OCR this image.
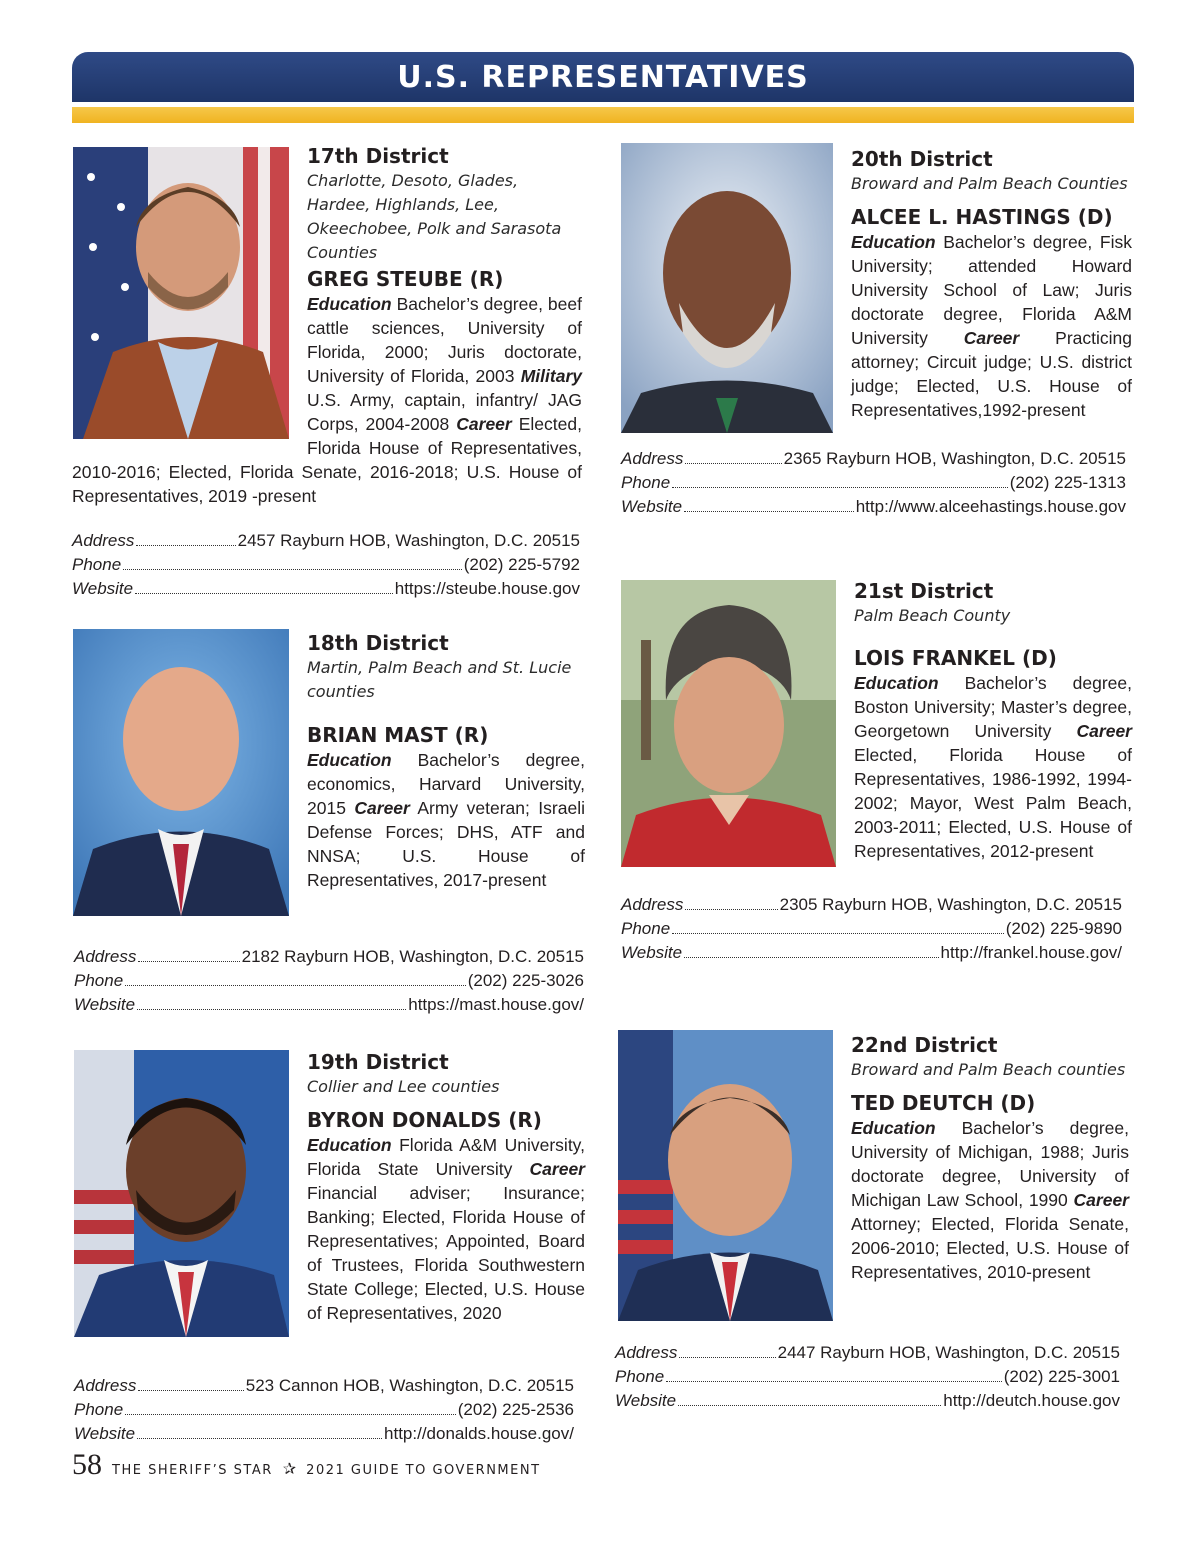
U.S. REPRESENTATIVES
17th District
Charlotte, Desoto, Glades, Hardee, Highlands, Lee, Okeechobee, Polk and Sarasota Counties
GREG STEUBE (R)
Education Bachelor’s degree, beef cattle sciences, University of Florida, 2000; Juris doctorate, University of Florida, 2003 Military U.S. Army, captain, infantry/ JAG Corps, 2004-2008 Career Elected, Florida House of Representatives, 2010-2016; Elected, Florida Senate, 2016-2018; U.S. House of Representatives, 2019 -present
Address	2457 Rayburn HOB, Washington, D.C. 20515
Phone	(202) 225-5792
Website	https://steube.house.gov
18th District
Martin, Palm Beach and St. Lucie counties
BRIAN MAST (R)
Education Bachelor’s degree, economics, Harvard University, 2015 Career Army veteran; Israeli Defense Forces; DHS, ATF and NNSA; U.S. House of Representatives, 2017-present
Address	2182 Rayburn HOB, Washington, D.C. 20515
Phone	(202) 225-3026
Website	https://mast.house.gov/
19th District
Collier and Lee counties
BYRON DONALDS (R)
Education Florida A&M University, Florida State University Career Financial adviser; Insurance; Banking; Elected, Florida House of Representatives; Appointed, Board of Trustees, Florida Southwestern State College; Elected, U.S. House of Representatives, 2020
Address	523 Cannon HOB, Washington, D.C. 20515
Phone	(202) 225-2536
Website	http://donalds.house.gov/
20th District
Broward and Palm Beach Counties
ALCEE L. HASTINGS (D)
Education Bachelor’s degree, Fisk University; attended Howard University School of Law; Juris doctorate degree, Florida A&M University Career Practicing attorney; Circuit judge; U.S. district judge; Elected, U.S. House of Representatives,1992-present
Address	2365 Rayburn HOB, Washington, D.C. 20515
Phone	(202) 225-1313
Website	http://www.alceehastings.house.gov
21st District
Palm Beach County
LOIS FRANKEL (D)
Education Bachelor’s degree, Boston University; Master’s degree, Georgetown University Career Elected, Florida House of Representatives, 1986-1992, 1994-2002; Mayor, West Palm Beach, 2003-2011; Elected, U.S. House of Representatives, 2012-present
Address	2305 Rayburn HOB, Washington, D.C. 20515
Phone	(202) 225-9890
Website	http://frankel.house.gov/
22nd District
Broward and Palm Beach counties
TED DEUTCH (D)
Education Bachelor’s degree, University of Michigan, 1988; Juris doctorate degree, University of Michigan Law School, 1990 Career Attorney; Elected, Florida Senate, 2006-2010; Elected, U.S. House of Representatives, 2010-present
Address	2447 Rayburn HOB, Washington, D.C. 20515
Phone	(202) 225-3001
Website	http://deutch.house.gov
58 THE SHERIFF’S STAR ✰ 2021 GUIDE TO GOVERNMENT
